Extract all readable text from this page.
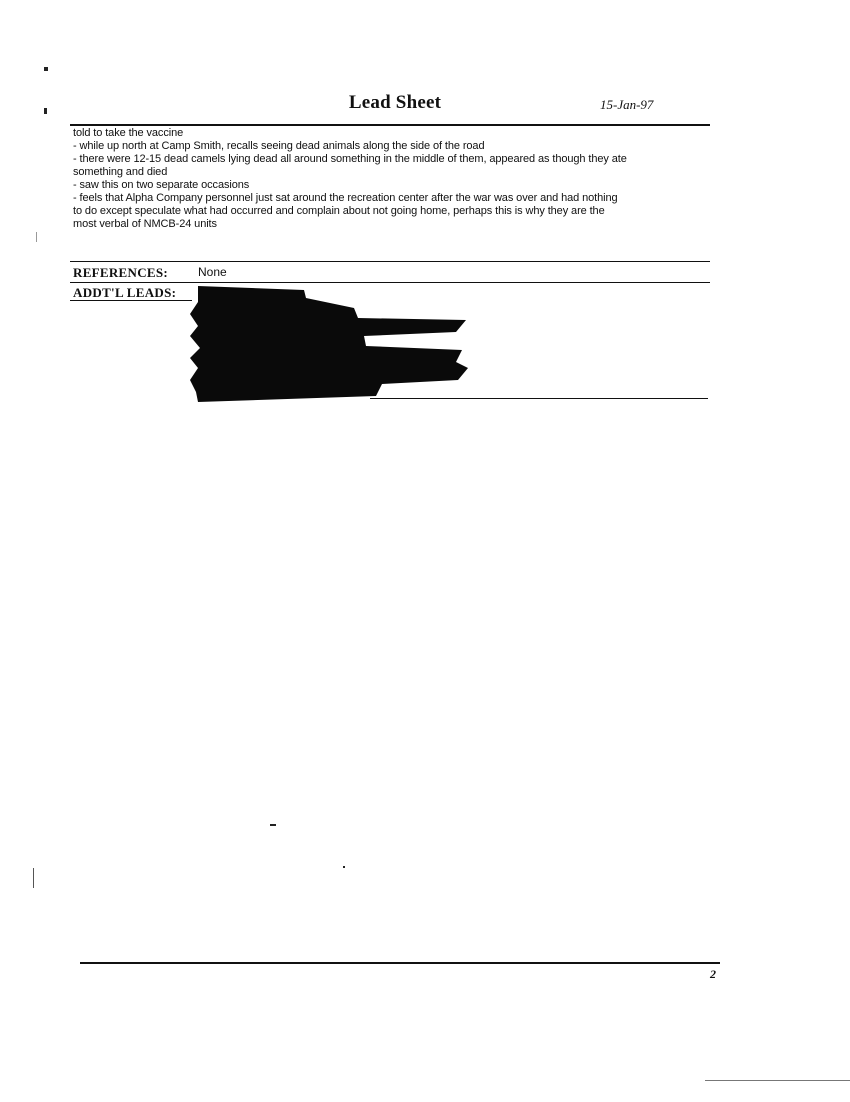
Lead Sheet	15-Jan-97
told to take the vaccine
- while up north at Camp Smith, recalls seeing dead animals along the side of the road
- there were 12-15 dead camels lying dead all around something in the middle of them, appeared as though they ate
something and died
- saw this on two separate occasions
- feels that Alpha Company personnel just sat around the recreation center after the war was over and had nothing
to do except speculate what had occurred and complain about not going home, perhaps this is why they are the
most verbal of NMCB-24 units
REFERENCES: None
ADDT'L LEADS:
2
